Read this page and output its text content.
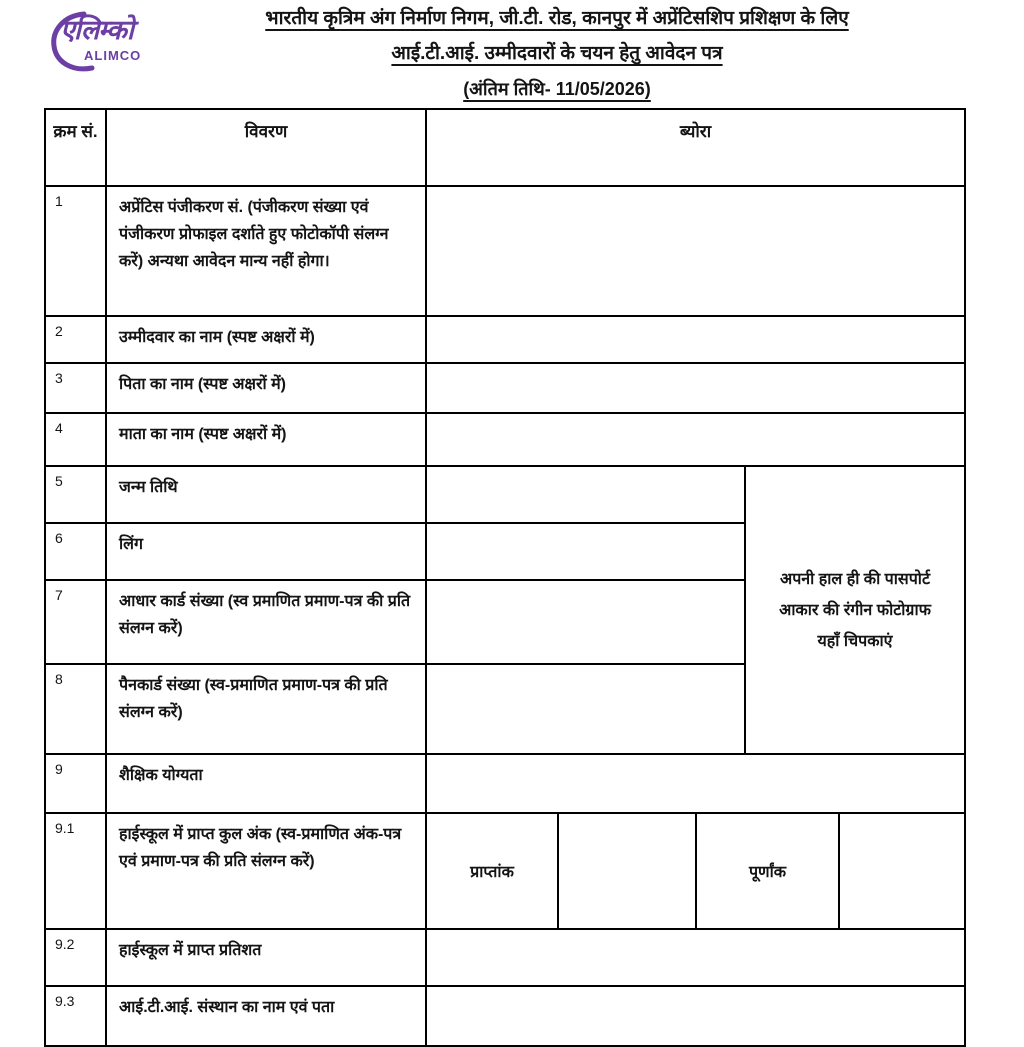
एलिम्को
ALIMCO
भारतीय कृत्रिम अंग निर्माण निगम, जी.टी. रोड, कानपुर में अप्रेंटिसशिप प्रशिक्षण के लिए
आई.टी.आई. उम्मीदवारों के चयन हेतु आवेदन पत्र
(अंतिम तिथि- 11/05/2026)
क्रम सं.	विवरण	ब्योरा				
1	अप्रेंटिस पंजीकरण सं. (पंजीकरण संख्या एवं पंजीकरण प्रोफाइल दर्शाते हुए फोटोकॉपी संलग्न करें) अन्यथा आवेदन मान्य नहीं होगा।					
2	उम्मीदवार का नाम (स्पष्ट अक्षरों में)					
3	पिता का नाम (स्पष्ट अक्षरों में)					
4	माता का नाम (स्पष्ट अक्षरों में)					
5	जन्म तिथि				अपनी हाल ही की पासपोर्ट आकार की रंगीन फोटोग्राफ यहाँ चिपकाएं	
6	लिंग					
7	आधार कार्ड संख्या (स्व प्रमाणित प्रमाण-पत्र की प्रति संलग्न करें)					
8	पैनकार्ड संख्या (स्व-प्रमाणित प्रमाण-पत्र की प्रति संलग्न करें)					
9	शैक्षिक योग्यता					
9.1	हाईस्कूल में प्राप्त कुल अंक (स्व-प्रमाणित अंक-पत्र एवं प्रमाण-पत्र की प्रति संलग्न करें)	प्राप्तांक		पूर्णांक		
9.2	हाईस्कूल में प्राप्त प्रतिशत					
9.3	आई.टी.आई. संस्थान का नाम एवं पता					
